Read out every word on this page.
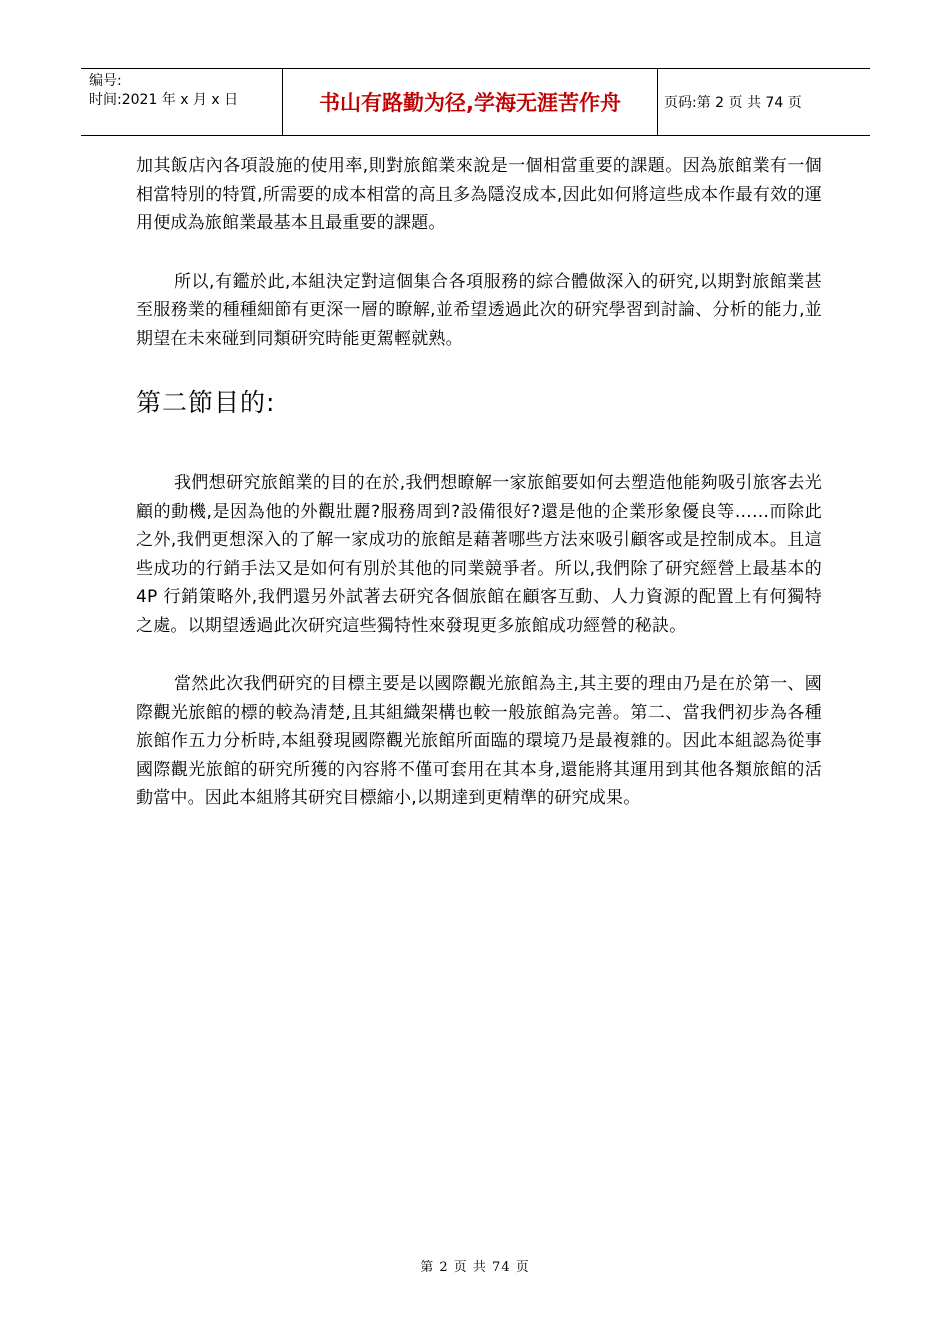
编号:
时间:2021 年 x 月 x 日	书山有路勤为径,学海无涯苦作舟	页码:第 2 页 共 74 页

加其飯店內各項設施的使用率,則對旅館業來說是一個相當重要的課題。因為旅館業有一個相當特別的特質,所需要的成本相當的高且多為隱沒成本,因此如何將這些成本作最有效的運用便成為旅館業最基本且最重要的課題。

所以,有鑑於此,本組決定對這個集合各項服務的綜合體做深入的研究,以期對旅館業甚至服務業的種種細節有更深一層的瞭解,並希望透過此次的研究學習到討論、分析的能力,並期望在未來碰到同類研究時能更駕輕就熟。

第二節目的:

我們想研究旅館業的目的在於,我們想瞭解一家旅館要如何去塑造他能夠吸引旅客去光顧的動機,是因為他的外觀壯麗?服務周到?設備很好?還是他的企業形象優良等……而除此之外,我們更想深入的了解一家成功的旅館是藉著哪些方法來吸引顧客或是控制成本。且這些成功的行銷手法又是如何有別於其他的同業競爭者。所以,我們除了研究經營上最基本的 4P 行銷策略外,我們還另外試著去研究各個旅館在顧客互動、人力資源的配置上有何獨特之處。以期望透過此次研究這些獨特性來發現更多旅館成功經營的秘訣。

當然此次我們研究的目標主要是以國際觀光旅館為主,其主要的理由乃是在於第一、國際觀光旅館的標的較為清楚,且其組織架構也較一般旅館為完善。第二、當我們初步為各種旅館作五力分析時,本組發現國際觀光旅館所面臨的環境乃是最複雜的。因此本組認為從事國際觀光旅館的研究所獲的內容將不僅可套用在其本身,還能將其運用到其他各類旅館的活動當中。因此本組將其研究目標縮小,以期達到更精準的研究成果。

第 2 页 共 74 页
